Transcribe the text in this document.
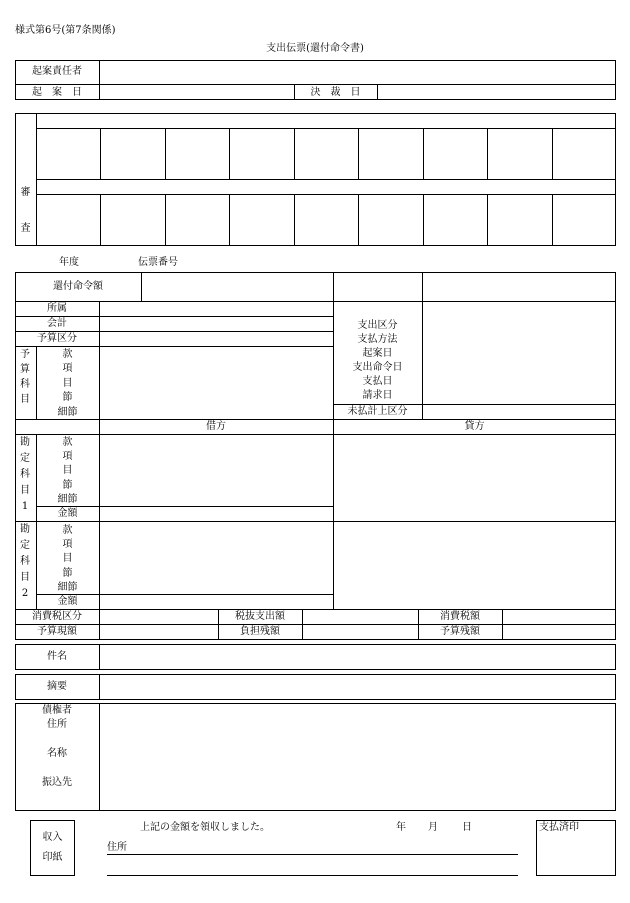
様式第6号(第7条関係)
支出伝票(還付命令書)
起案責任者
起　案　日	決　裁　日
審
査
年度	伝票番号
還付命令額
所属
会計
予算区分
予
算
科
目
款
項
目
節
細節
支出区分
支払方法
起案日
支出命令日
支払日
請求日
未払計上区分
借方	貸方
勘
定
科
目
1
款
項
目
節
細節
金額
勘
定
科
目
2
款
項
目
節
細節
金額
消費税区分	税抜支出額	消費税額
予算現額	負担残額	予算残額
件名
摘要
債権者
住所
名称
振込先
収入
印紙
上記の金額を領収しました。	年 月 日
住所
支払済印
